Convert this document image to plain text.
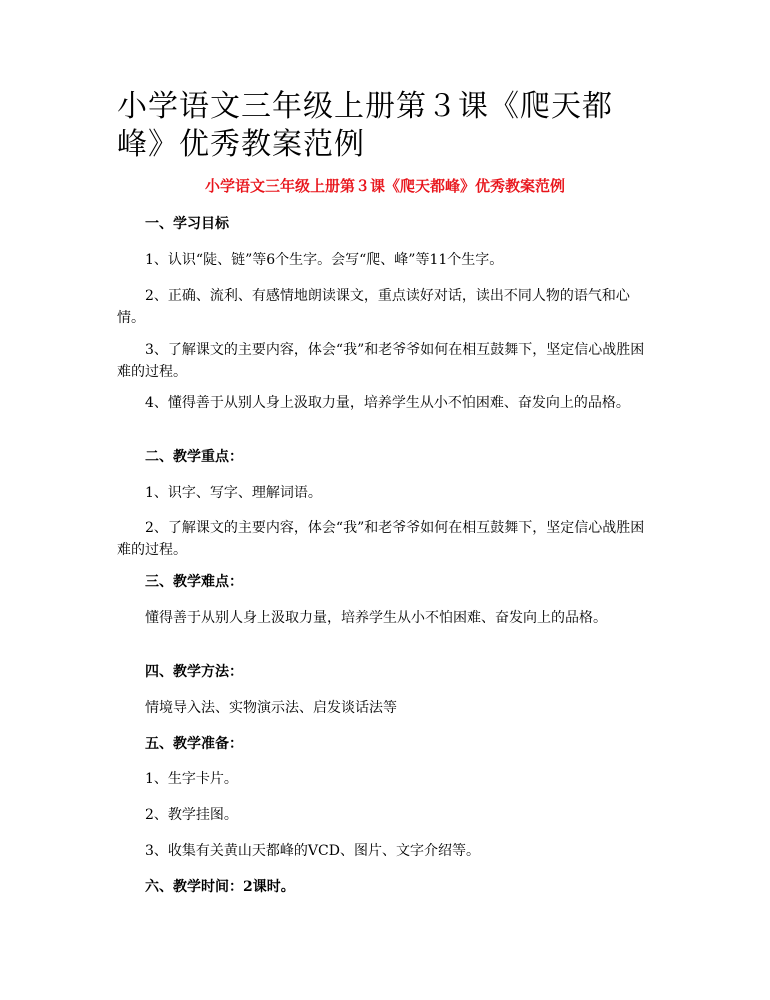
小学语文三年级上册第３课《爬天都峰》优秀教案范例
小学语文三年级上册第３课《爬天都峰》优秀教案范例

一、学习目标

1、认识“陡、链”等6个生字。会写“爬、峰”等11个生字。

2、正确、流利、有感情地朗读课文，重点读好对话，读出不同人物的语气和心情。

3、了解课文的主要内容，体会“我”和老爷爷如何在相互鼓舞下，坚定信心战胜困难的过程。

4、懂得善于从别人身上汲取力量，培养学生从小不怕困难、奋发向上的品格。

二、教学重点：

1、识字、写字、理解词语。

2、了解课文的主要内容，体会“我”和老爷爷如何在相互鼓舞下，坚定信心战胜困难的过程。

三、教学难点：

懂得善于从别人身上汲取力量，培养学生从小不怕困难、奋发向上的品格。

四、教学方法：

情境导入法、实物演示法、启发谈话法等

五、教学准备：

1、生字卡片。

2、教学挂图。

3、收集有关黄山天都峰的VCD、图片、文字介绍等。

六、教学时间：2课时。
